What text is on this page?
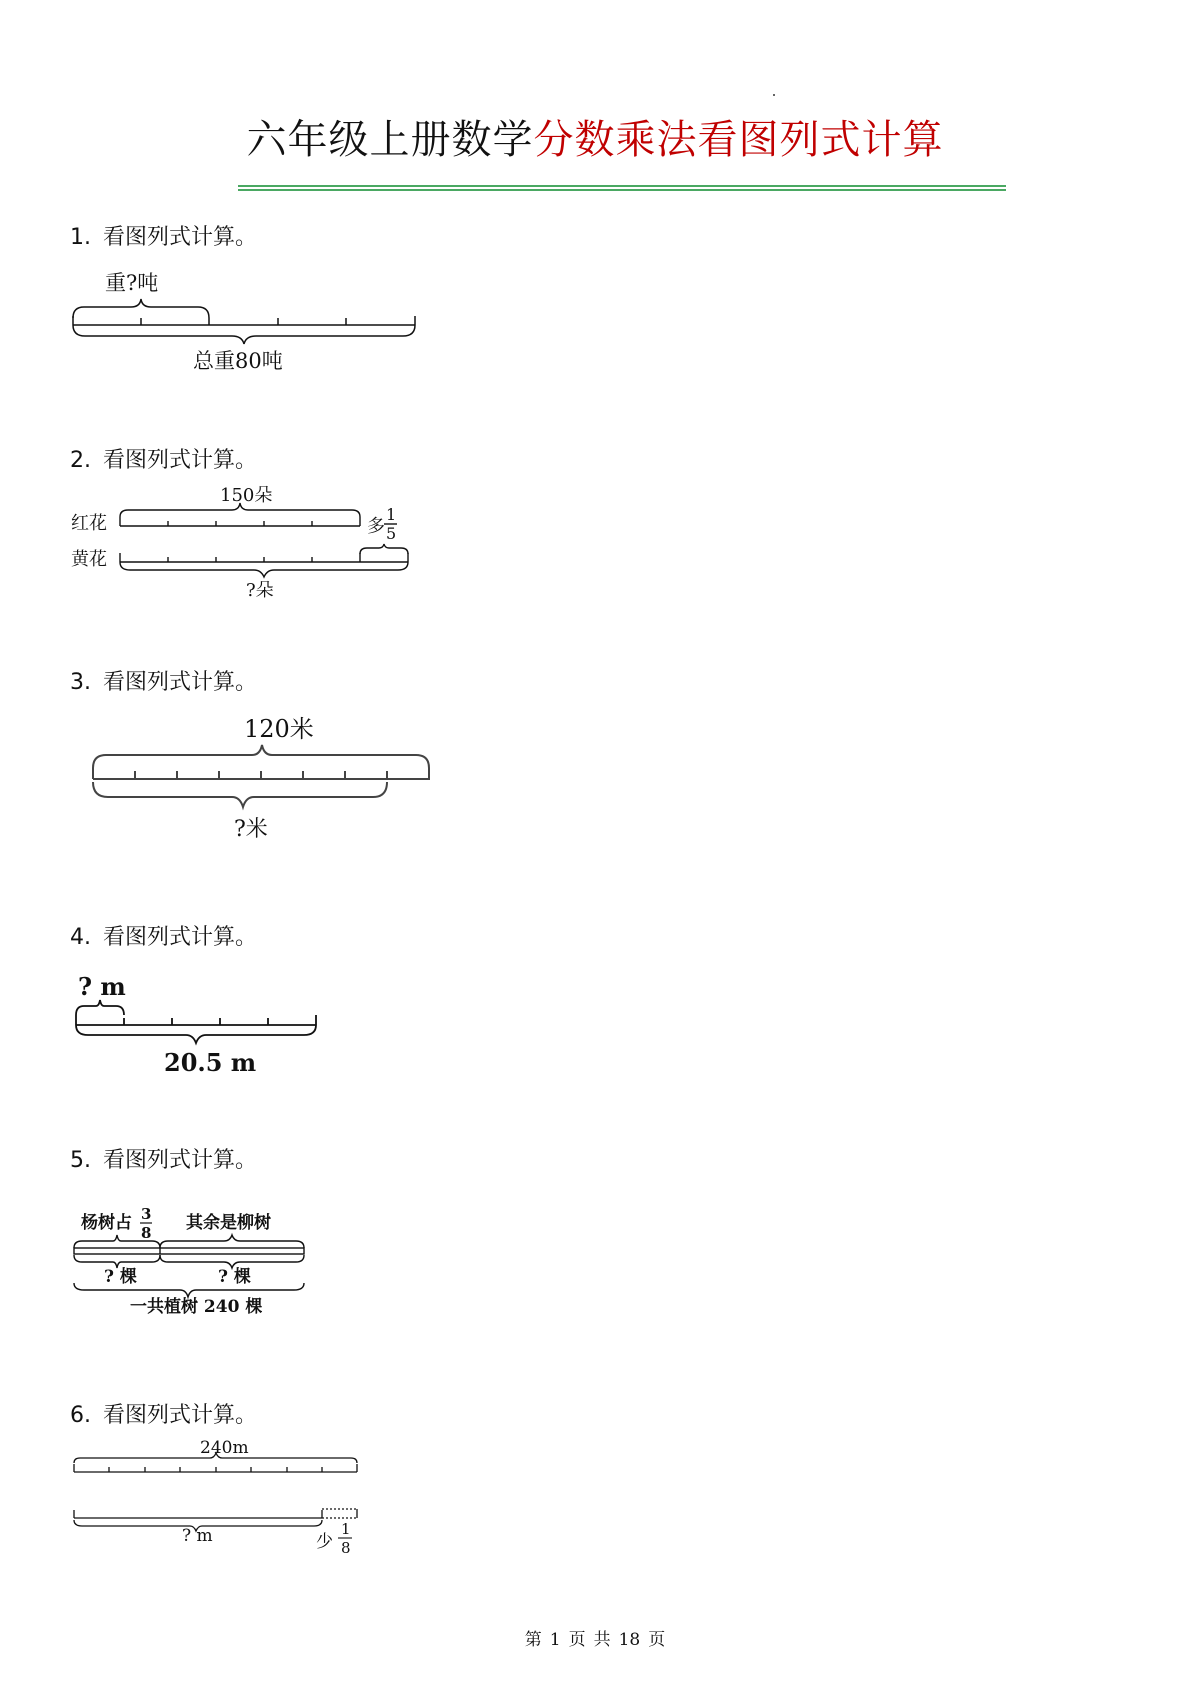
六年级上册数学分数乘法看图列式计算
1. 看图列式计算。
2. 看图列式计算。
3. 看图列式计算。
4. 看图列式计算。
5. 看图列式计算。
6. 看图列式计算。
重?吨
总重80吨
红花
黄花
150朵
多
1
5
?朵
120米
?米
? m
20.5 m
杨树占 3
8 其余是柳树
? 棵	? 棵
一共植树 240 棵
240m
? m	少
1
8
第 1 页 共 18 页
